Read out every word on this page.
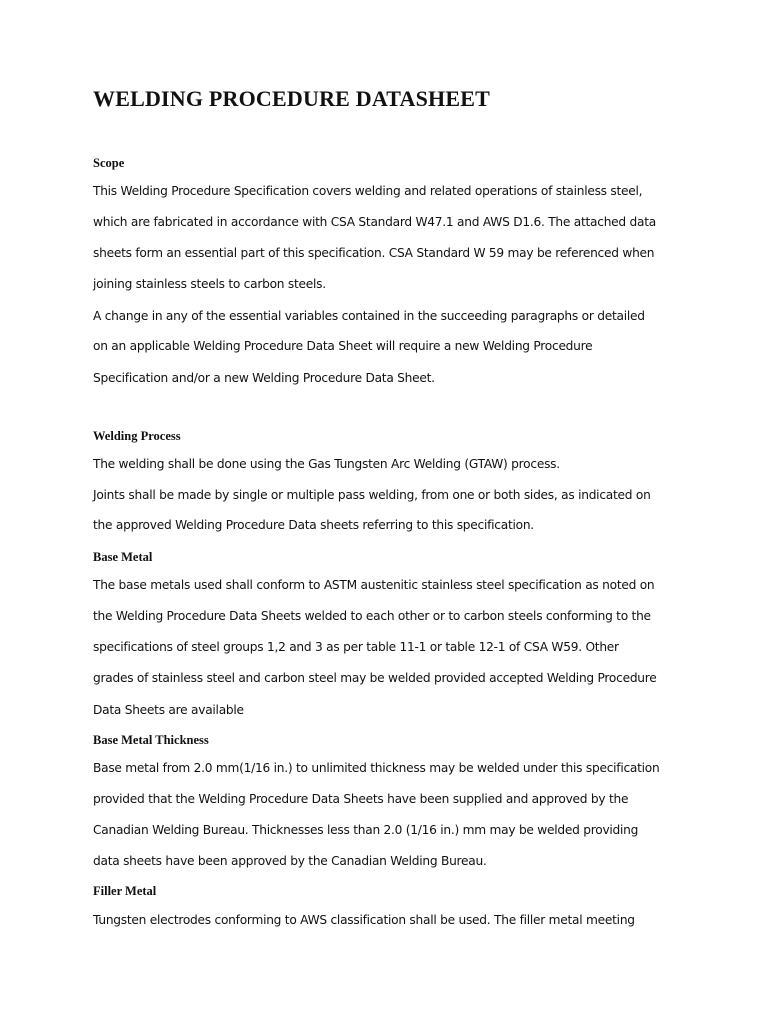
WELDING PROCEDURE DATASHEET
Scope
This Welding Procedure Specification covers welding and related operations of stainless steel,
which are fabricated in accordance with CSA Standard W47.1 and AWS D1.6. The attached data
sheets form an essential part of this specification. CSA Standard W 59 may be referenced when
joining stainless steels to carbon steels.
A change in any of the essential variables contained in the succeeding paragraphs or detailed
on an applicable Welding Procedure Data Sheet will require a new Welding Procedure
Specification and/or a new Welding Procedure Data Sheet.
Welding Process
The welding shall be done using the Gas Tungsten Arc Welding (GTAW) process.
Joints shall be made by single or multiple pass welding, from one or both sides, as indicated on
the approved Welding Procedure Data sheets referring to this specification.
Base Metal
The base metals used shall conform to ASTM austenitic stainless steel specification as noted on
the Welding Procedure Data Sheets welded to each other or to carbon steels conforming to the
specifications of steel groups 1,2 and 3 as per table 11-1 or table 12-1 of CSA W59. Other
grades of stainless steel and carbon steel may be welded provided accepted Welding Procedure
Data Sheets are available
Base Metal Thickness
Base metal from 2.0 mm(1/16 in.) to unlimited thickness may be welded under this specification
provided that the Welding Procedure Data Sheets have been supplied and approved by the
Canadian Welding Bureau. Thicknesses less than 2.0 (1/16 in.) mm may be welded providing
data sheets have been approved by the Canadian Welding Bureau.
Filler Metal
Tungsten electrodes conforming to AWS classification shall be used. The filler metal meeting
